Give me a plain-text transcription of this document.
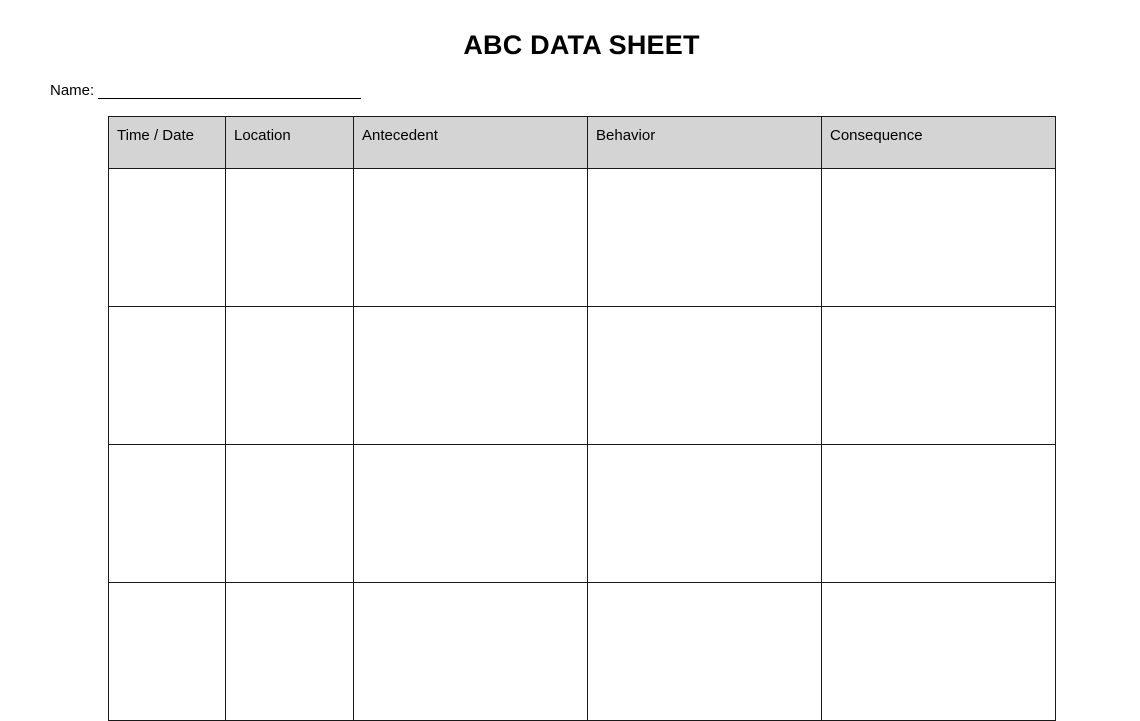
ABC DATA SHEET
Name:
Time / Date	Location	Antecedent	Behavior	Consequence
